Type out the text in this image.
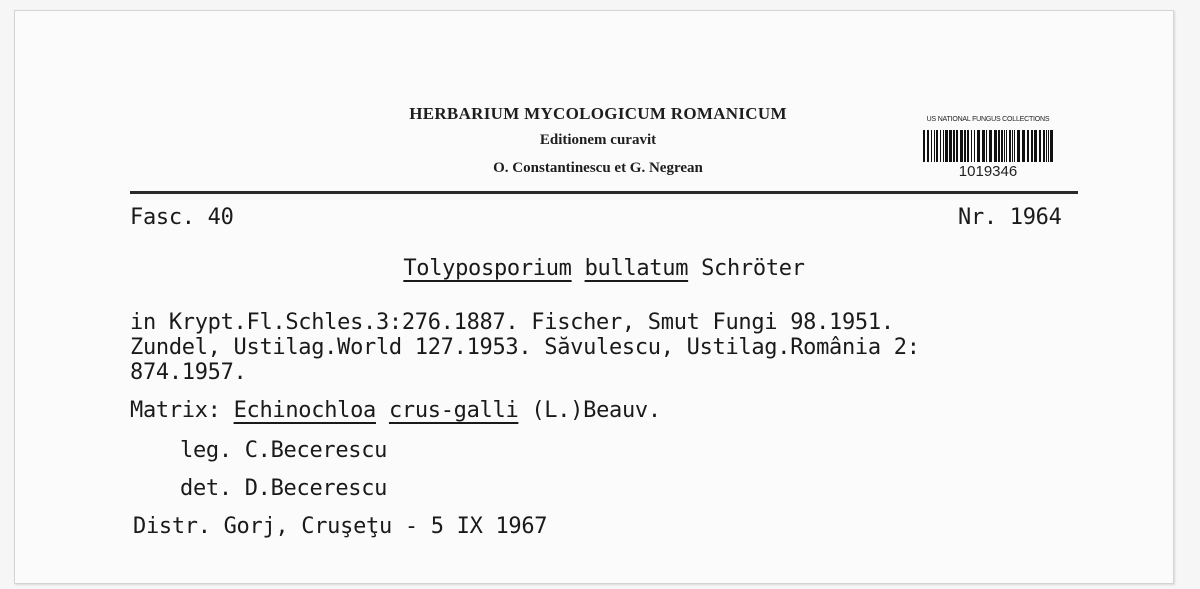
HERBARIUM MYCOLOGICUM ROMANICUM
Editionem curavit
O. Constantinescu et G. Negrean
US NATIONAL FUNGUS COLLECTIONS
1019346
Fasc. 40	Nr. 1964
Tolyposporium bullatum Schröter
in Krypt.Fl.Schles.3:276.1887. Fischer, Smut Fungi 98.1951.
Zundel, Ustilag.World 127.1953. Săvulescu, Ustilag.România 2:
874.1957.
Matrix: Echinochloa crus-galli (L.)Beauv.
leg. C.Becerescu
det. D.Becerescu
Distr. Gorj, Cruşeţu - 5 IX 1967
